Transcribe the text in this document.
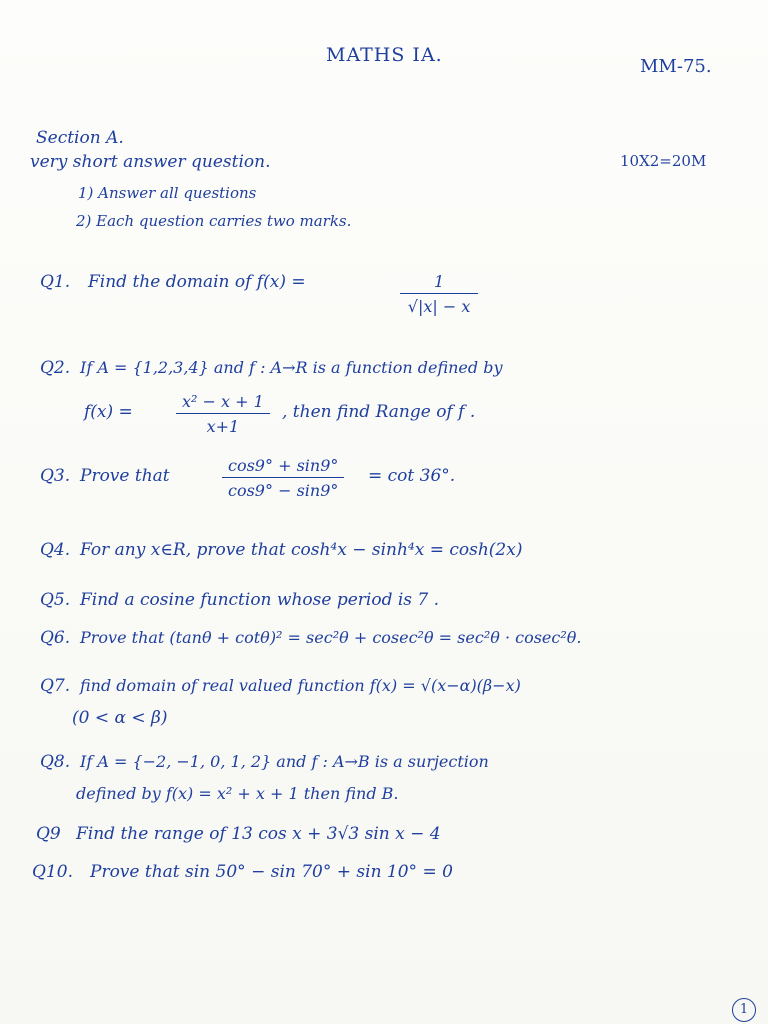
MATHS IA.
MM-75.
Section A.
very short answer question.	10X2=20M
1) Answer all questions
2) Each question carries two marks.
Q1. Find the domain of f(x) =	$\frac{1}{√|x| - x}$
Q2. If A = {1,2,3,4} and f : A→R is a function defined by
f(x) =	$\frac{\text{x² − x + 1}}{x+1}$ , then find Range of f .
Q3. Prove that	$\frac{\cos 9^\circ + \sin 9^\circ}{\cos 9^\circ - \sin 9^\circ} = \cot 36^\circ$.
Q4. For any x∈R, prove that cosh⁴x − sinh⁴x = cosh(2x)
Q5. Find a cosine function whose period is 7 .
Q6. Prove that (tanθ + cotθ)² = sec²θ + cosec²θ = sec²θ · cosec²θ.
Q7. find domain of real valued function f(x) = √(x−α)(β−x)
(0 < α < β)
Q8. If A = {−2, −1, 0, 1, 2} and f : A→B is a surjection
defined by f(x) = x² + x + 1 then find B.
Q9 Find the range of 13 cos x + 3√3 sin x − 4
Q10. Prove that sin 50° − sin 70° + sin 10° = 0
1
